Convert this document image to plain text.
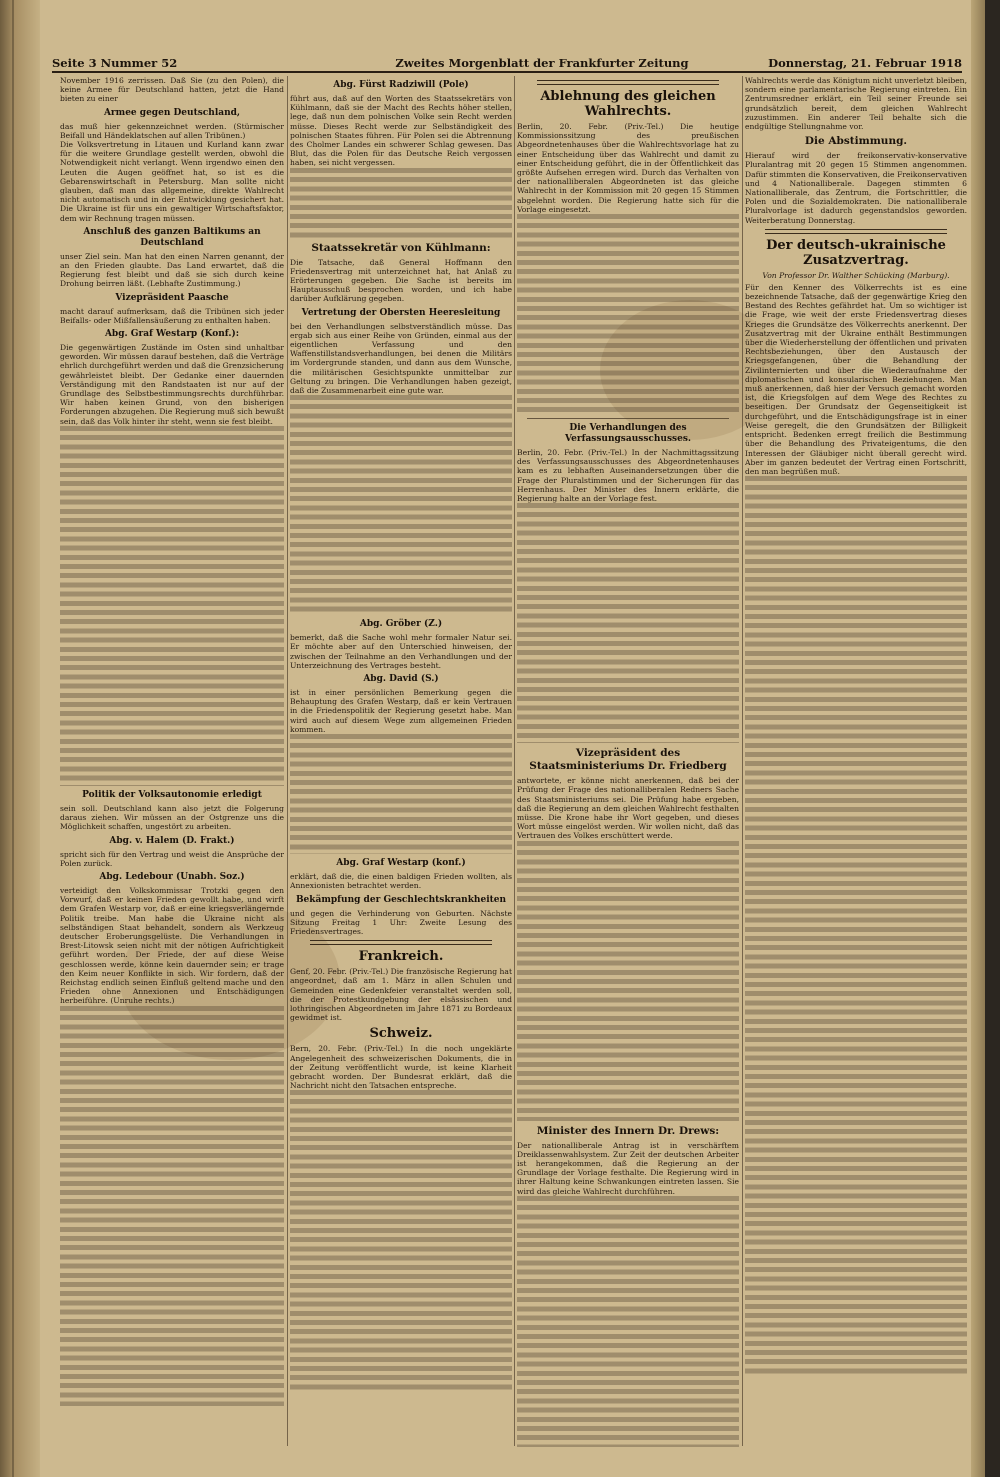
Seite 3 Nummer 52	Zweites Morgenblatt der Frankfurter Zeitung	Donnerstag, 21. Februar 1918

November 1916 zerrissen. Daß Sie (zu den Polen), die keine Armee für Deutschland hatten, jetzt die Hand bieten zu einer

Armee gegen Deutschland,

das muß hier gekennzeichnet werden. (Stürmischer Beifall und Händeklatschen auf allen Tribünen.)
Die Volksvertretung in Litauen und Kurland kann zwar für die weitere Grundlage gestellt werden, obwohl die Notwendigkeit nicht verlangt. Wenn irgendwo einen den Leuten die Augen geöffnet hat, so ist es die Gebarenswirtschaft in Petersburg. Man sollte nicht glauben, daß man das allgemeine, direkte Wahlrecht nicht automatisch und in der Entwicklung gesichert hat. Die Ukraine ist für uns ein gewaltiger Wirtschaftsfaktor, dem wir Rechnung tragen müssen.

Anschluß des ganzen Baltikums an Deutschland

unser Ziel sein. Man hat den einen Narren genannt, der an den Frieden glaubte. Das Land erwartet, daß die Regierung fest bleibt und daß sie sich durch keine Drohung beirren läßt. (Lebhafte Zustimmung.)

Vizepräsident Paasche

macht darauf aufmerksam, daß die Tribünen sich jeder Beifalls- oder Mißfallensäußerung zu enthalten haben.

Abg. Graf Westarp (Konf.):

Die gegenwärtigen Zustände im Osten sind unhaltbar geworden. Wir müssen darauf bestehen, daß die Verträge ehrlich durchgeführt werden und daß die Grenzsicherung gewährleistet bleibt. Der Gedanke einer dauernden Verständigung mit den Randstaaten ist nur auf der Grundlage des Selbstbestimmungsrechts durchführbar. Wir haben keinen Grund, von den bisherigen Forderungen abzugehen. Die Regierung muß sich bewußt sein, daß das Volk hinter ihr steht, wenn sie fest bleibt.

Politik der Volksautonomie erledigt

sein soll. Deutschland kann also jetzt die Folgerung daraus ziehen. Wir müssen an der Ostgrenze uns die Möglichkeit schaffen, ungestört zu arbeiten.

Abg. v. Halem (D. Frakt.)

spricht sich für den Vertrag und weist die Ansprüche der Polen zurück.

Abg. Ledebour (Unabh. Soz.)

verteidigt den Volkskommissar Trotzki gegen den Vorwurf, daß er keinen Frieden gewollt habe, und wirft dem Grafen Westarp vor, daß er eine kriegsverlängernde Politik treibe. Man habe die Ukraine nicht als selbständigen Staat behandelt, sondern als Werkzeug deutscher Eroberungsgelüste. Die Verhandlungen in Brest-Litowsk seien nicht mit der nötigen Aufrichtigkeit geführt worden. Der Friede, der auf diese Weise geschlossen werde, könne kein dauernder sein; er trage den Keim neuer Konflikte in sich. Wir fordern, daß der Reichstag endlich seinen Einfluß geltend mache und den Frieden ohne Annexionen und Entschädigungen herbeiführe. (Unruhe rechts.)

Abg. Fürst Radziwill (Pole)

führt aus, daß auf den Worten des Staatssekretärs von Kühlmann, daß sie der Macht des Rechts höher stellen, lege, daß nun dem polnischen Volke sein Recht werden müsse. Dieses Recht werde zur Selbständigkeit des polnischen Staates führen. Für Polen sei die Abtrennung des Cholmer Landes ein schwerer Schlag gewesen. Das Blut, das die Polen für das Deutsche Reich vergossen haben, sei nicht vergessen.

Staatssekretär von Kühlmann:

Die Tatsache, daß General Hoffmann den Friedensvertrag mit unterzeichnet hat, hat Anlaß zu Erörterungen gegeben. Die Sache ist bereits im Hauptausschuß besprochen worden, und ich habe darüber Aufklärung gegeben.

Vertretung der Obersten Heeresleitung

bei den Verhandlungen selbstverständlich müsse. Das ergab sich aus einer Reihe von Gründen, einmal aus der eigentlichen Verfassung und den Waffenstillstandsverhandlungen, bei denen die Militärs im Vordergrunde standen, und dann aus dem Wunsche, die militärischen Gesichtspunkte unmittelbar zur Geltung zu bringen. Die Verhandlungen haben gezeigt, daß die Zusammenarbeit eine gute war.

Abg. Gröber (Z.)

bemerkt, daß die Sache wohl mehr formaler Natur sei. Er möchte aber auf den Unterschied hinweisen, der zwischen der Teilnahme an den Verhandlungen und der Unterzeichnung des Vertrages besteht.

Abg. David (S.)

ist in einer persönlichen Bemerkung gegen die Behauptung des Grafen Westarp, daß er kein Vertrauen in die Friedenspolitik der Regierung gesetzt habe. Man wird auch auf diesem Wege zum allgemeinen Frieden kommen.

Abg. Graf Westarp (konf.)

erklärt, daß die, die einen baldigen Frieden wollten, als Annexionisten betrachtet werden.

Bekämpfung der Geschlechtskrankheiten

und gegen die Verhinderung von Geburten. Nächste Sitzung Freitag 1 Uhr: Zweite Lesung des Friedensvertrages.

Frankreich.

Genf, 20. Febr. (Priv.-Tel.) Die französische Regierung hat angeordnet, daß am 1. März in allen Schulen und Gemeinden eine Gedenkfeier veranstaltet werden soll, die der Protestkundgebung der elsässischen und lothringischen Abgeordneten im Jahre 1871 zu Bordeaux gewidmet ist.

Schweiz.

Bern, 20. Febr. (Priv.-Tel.) In die noch ungeklärte Angelegenheit des schweizerischen Dokuments, die in der Zeitung veröffentlicht wurde, ist keine Klarheit gebracht worden. Der Bundesrat erklärt, daß die Nachricht nicht den Tatsachen entspreche.

Ablehnung des gleichen Wahlrechts.

Berlin, 20. Febr. (Priv.-Tel.) Die heutige Kommissionssitzung des preußischen Abgeordnetenhauses über die Wahlrechtsvorlage hat zu einer Entscheidung über das Wahlrecht und damit zu einer Entscheidung geführt, die in der Öffentlichkeit das größte Aufsehen erregen wird. Durch das Verhalten von der nationalliberalen Abgeordneten ist das gleiche Wahlrecht in der Kommission mit 20 gegen 15 Stimmen abgelehnt worden. Die Regierung hatte sich für die Vorlage eingesetzt.

Die Verhandlungen des Verfassungsausschusses.

Berlin, 20. Febr. (Priv.-Tel.) In der Nachmittagssitzung des Verfassungsausschusses des Abgeordnetenhauses kam es zu lebhaften Auseinandersetzungen über die Frage der Pluralstimmen und der Sicherungen für das Herrenhaus. Der Minister des Innern erklärte, die Regierung halte an der Vorlage fest.

Vizepräsident des Staatsministeriums Dr. Friedberg

antwortete, er könne nicht anerkennen, daß bei der Prüfung der Frage des nationalliberalen Redners Sache des Staatsministeriums sei. Die Prüfung habe ergeben, daß die Regierung an dem gleichen Wahlrecht festhalten müsse. Die Krone habe ihr Wort gegeben, und dieses Wort müsse eingelöst werden. Wir wollen nicht, daß das Vertrauen des Volkes erschüttert werde.

Minister des Innern Dr. Drews:

Der nationalliberale Antrag ist in verschärftem Dreiklassenwahlsystem. Zur Zeit der deutschen Arbeiter ist herangekommen, daß die Regierung an der Grundlage der Vorlage festhalte. Die Regierung wird in ihrer Haltung keine Schwankungen eintreten lassen. Sie wird das gleiche Wahlrecht durchführen.

Wahlrechts werde das Königtum nicht unverletzt bleiben, sondern eine parlamentarische Regierung eintreten. Ein Zentrumsredner erklärt, ein Teil seiner Freunde sei grundsätzlich bereit, dem gleichen Wahlrecht zuzustimmen. Ein anderer Teil behalte sich die endgültige Stellungnahme vor.

Die Abstimmung.

Hierauf wird der freikonservativ-konservative Pluralantrag mit 20 gegen 15 Stimmen angenommen. Dafür stimmten die Konservativen, die Freikonservativen und 4 Nationalliberale. Dagegen stimmten 6 Nationalliberale, das Zentrum, die Fortschrittler, die Polen und die Sozialdemokraten. Die nationalliberale Pluralvorlage ist dadurch gegenstandslos geworden. Weiterberatung Donnerstag.

Der deutsch-ukrainische Zusatzvertrag.
Von Professor Dr. Walther Schücking (Marburg).

Für den Kenner des Völkerrechts ist es eine bezeichnende Tatsache, daß der gegenwärtige Krieg den Bestand des Rechtes gefährdet hat. Um so wichtiger ist die Frage, wie weit der erste Friedensvertrag dieses Krieges die Grundsätze des Völkerrechts anerkennt. Der Zusatzvertrag mit der Ukraine enthält Bestimmungen über die Wiederherstellung der öffentlichen und privaten Rechtsbeziehungen, über den Austausch der Kriegsgefangenen, über die Behandlung der Zivilinternierten und über die Wiederaufnahme der diplomatischen und konsularischen Beziehungen. Man muß anerkennen, daß hier der Versuch gemacht worden ist, die Kriegsfolgen auf dem Wege des Rechtes zu beseitigen. Der Grundsatz der Gegenseitigkeit ist durchgeführt, und die Entschädigungsfrage ist in einer Weise geregelt, die den Grundsätzen der Billigkeit entspricht. Bedenken erregt freilich die Bestimmung über die Behandlung des Privateigentums, die den Interessen der Gläubiger nicht überall gerecht wird. Aber im ganzen bedeutet der Vertrag einen Fortschritt, den man begrüßen muß.
